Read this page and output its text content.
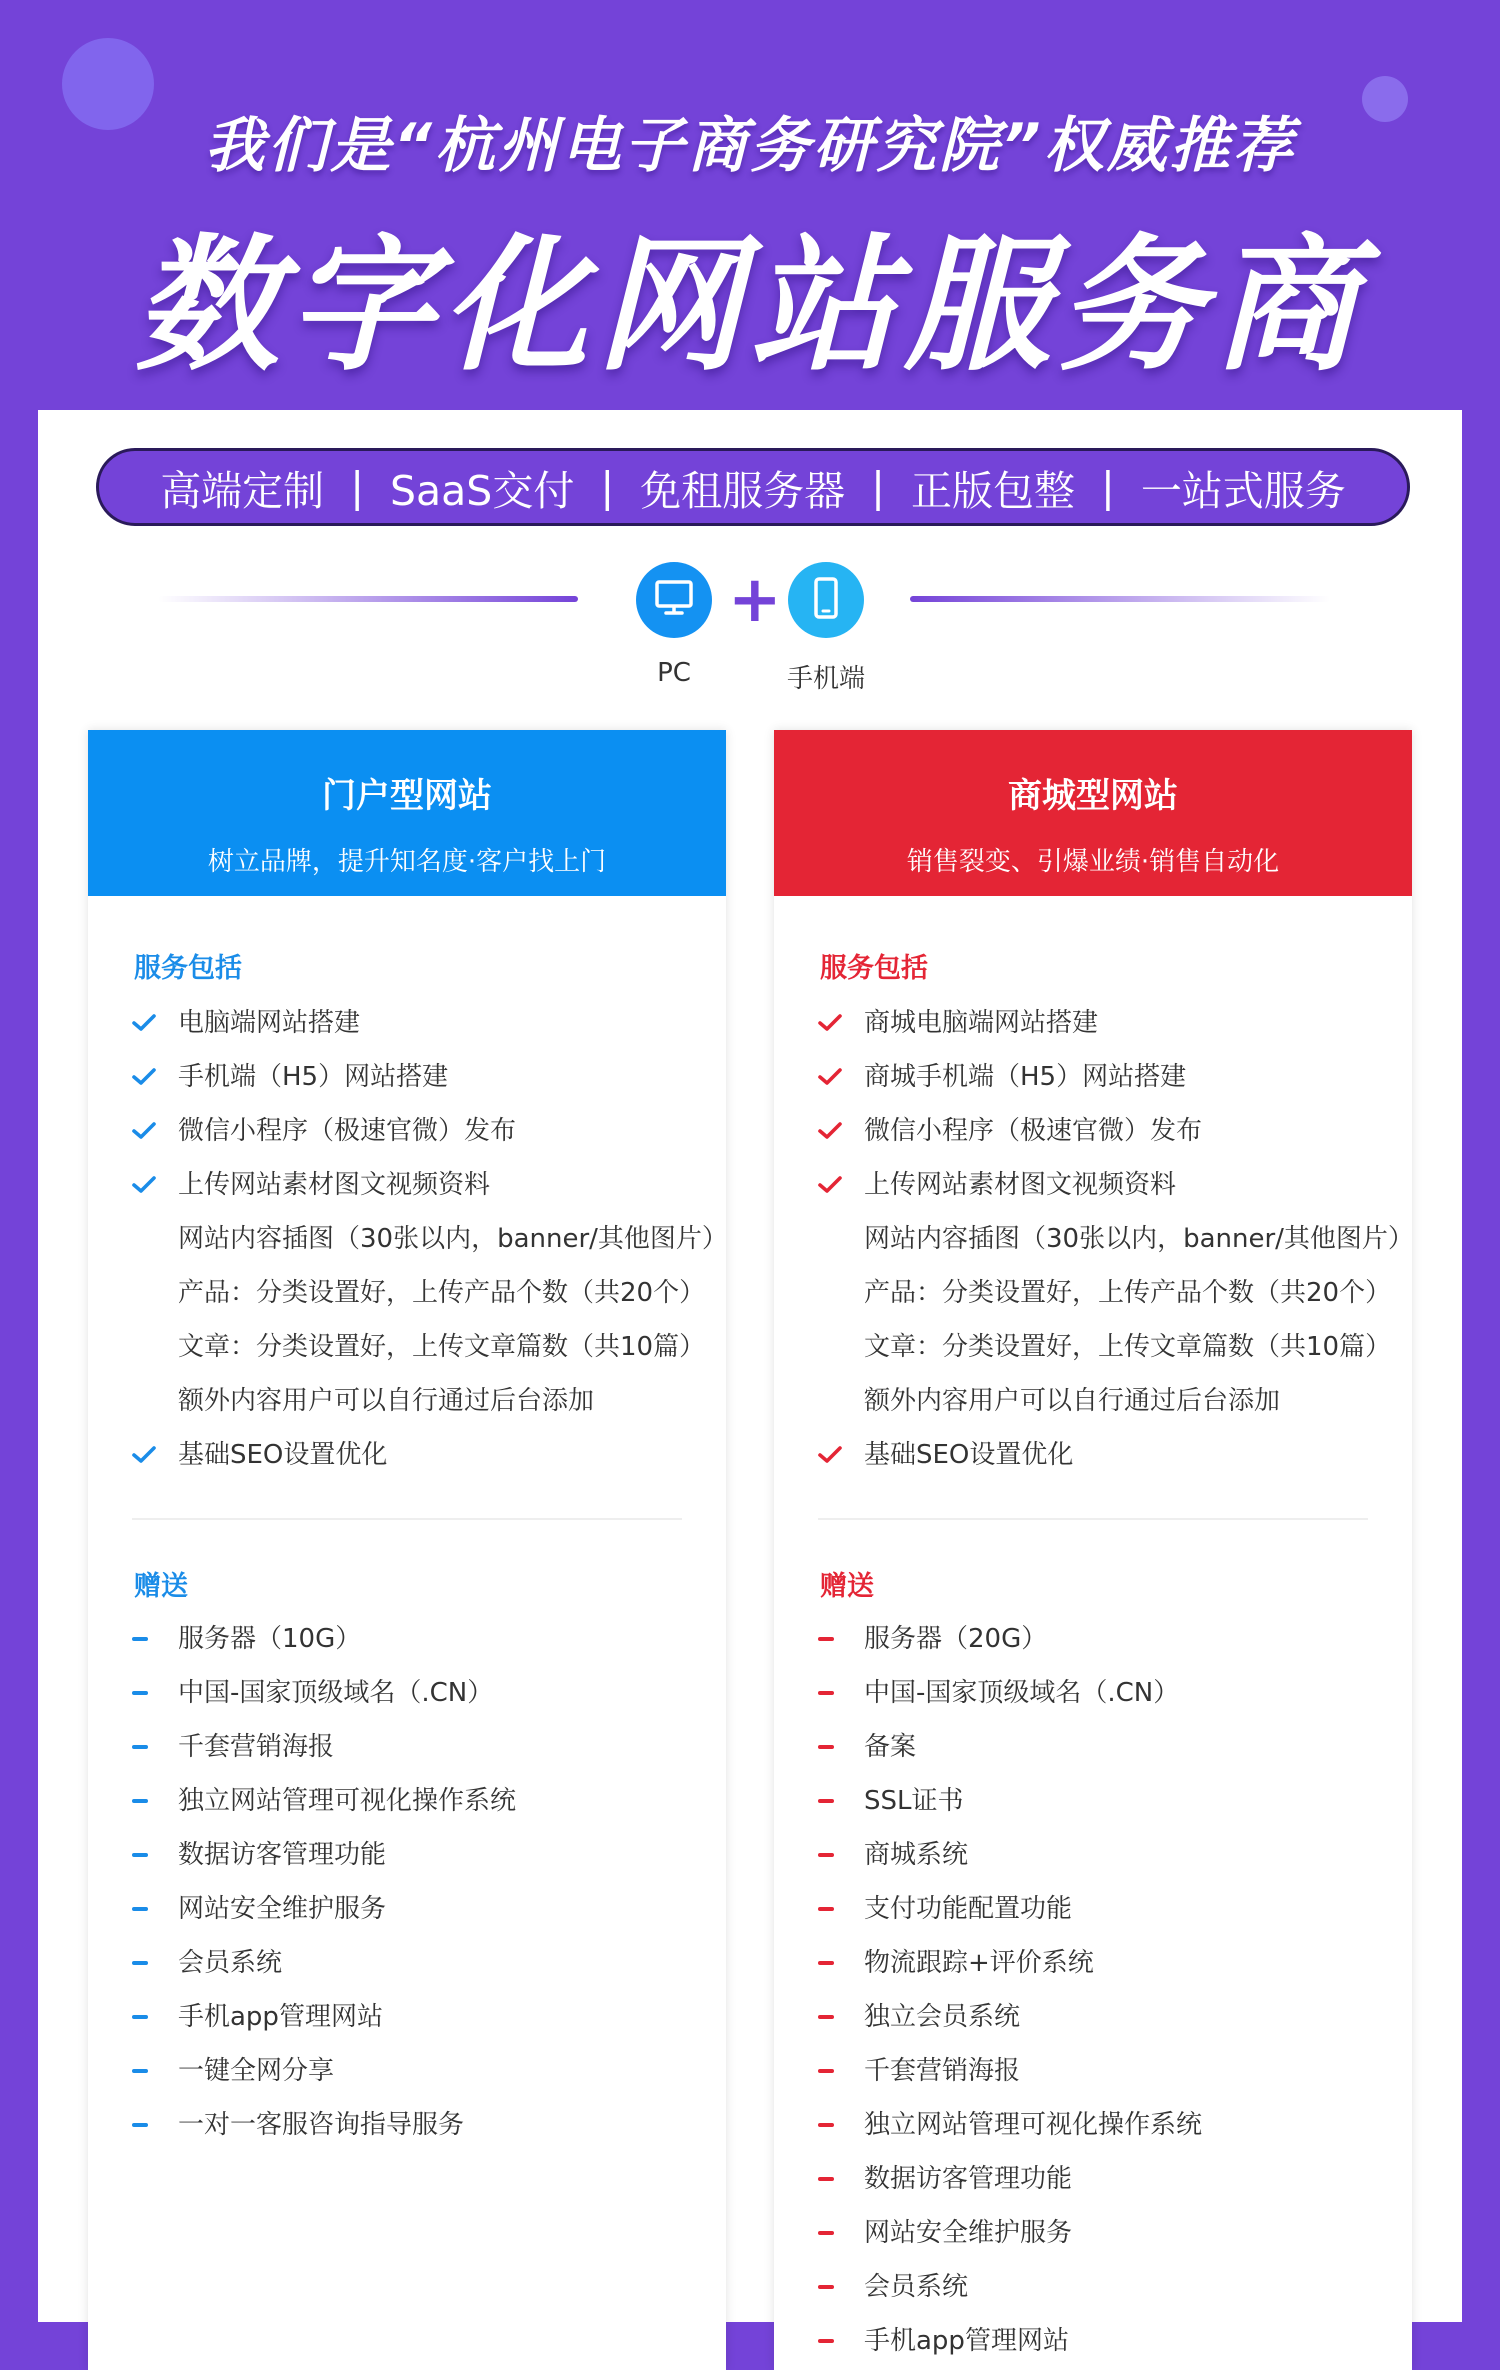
我们是“杭州电子商务研究院”权威推荐
数字化网站服务商
高端定制 | SaaS交付 | 免租服务器 | 正版包整 | 一站式服务
+
PC	手机端
门户型网站
树立品牌，提升知名度·客户找上门
服务包括
电脑端网站搭建
手机端（H5）网站搭建
微信小程序（极速官微）发布
上传网站素材图文视频资料
网站内容插图（30张以内，banner/其他图片）
产品：分类设置好，上传产品个数（共20个）
文章：分类设置好，上传文章篇数（共10篇）
额外内容用户可以自行通过后台添加
基础SEO设置优化
赠送
服务器（10G）
中国-国家顶级域名（.CN）
千套营销海报
独立网站管理可视化操作系统
数据访客管理功能
网站安全维护服务
会员系统
手机app管理网站
一键全网分享
一对一客服咨询指导服务
商城型网站
销售裂变、引爆业绩·销售自动化
服务包括
商城电脑端网站搭建
商城手机端（H5）网站搭建
微信小程序（极速官微）发布
上传网站素材图文视频资料
网站内容插图（30张以内，banner/其他图片）
产品：分类设置好，上传产品个数（共20个）
文章：分类设置好，上传文章篇数（共10篇）
额外内容用户可以自行通过后台添加
基础SEO设置优化
赠送
服务器（20G）
中国-国家顶级域名（.CN）
备案
SSL证书
商城系统
支付功能配置功能
物流跟踪+评价系统
独立会员系统
千套营销海报
独立网站管理可视化操作系统
数据访客管理功能
网站安全维护服务
会员系统
手机app管理网站
